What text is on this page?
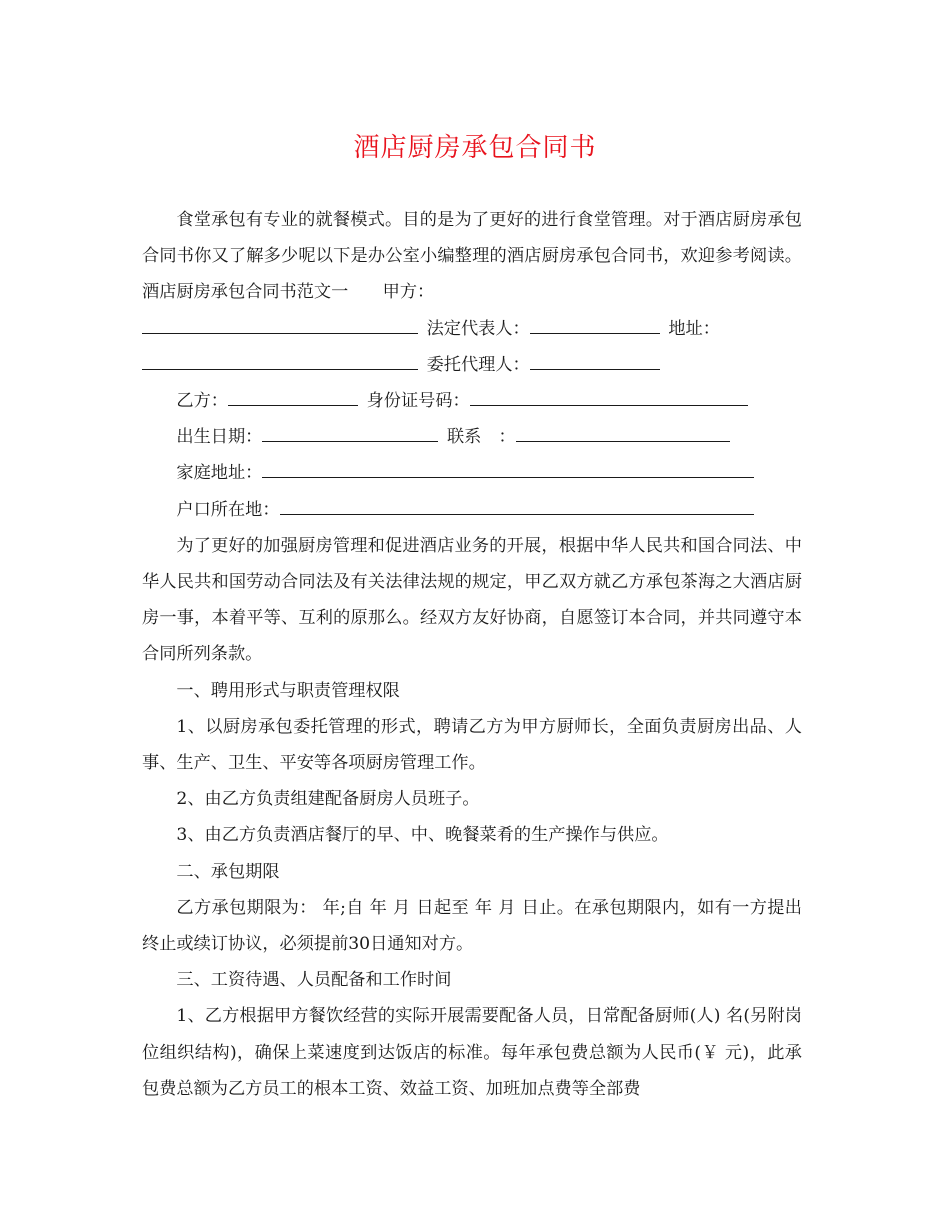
酒店厨房承包合同书

食堂承包有专业的就餐模式。目的是为了更好的进行食堂管理。对于酒店厨房承包合同书你又了解多少呢以下是办公室小编整理的酒店厨房承包合同书，欢迎参考阅读。 酒店厨房承包合同书范文一　　甲方：

法定代表人：	地址：
委托代理人：
乙方：	身份证号码：
出生日期：	联系　：
家庭地址：
户口所在地：

为了更好的加强厨房管理和促进酒店业务的开展，根据中华人民共和国合同法、中华人民共和国劳动合同法及有关法律法规的规定，甲乙双方就乙方承包茶海之大酒店厨房一事，本着平等、互利的原那么。经双方友好协商，自愿签订本合同，并共同遵守本合同所列条款。

一、聘用形式与职责管理权限

1、以厨房承包委托管理的形式，聘请乙方为甲方厨师长，全面负责厨房出品、人事、生产、卫生、平安等各项厨房管理工作。

2、由乙方负责组建配备厨房人员班子。

3、由乙方负责酒店餐厅的早、中、晚餐菜肴的生产操作与供应。

二、承包期限

乙方承包期限为： 年;自 年 月 日起至 年 月 日止。在承包期限内，如有一方提出终止或续订协议，必须提前30日通知对方。

三、工资待遇、人员配备和工作时间

1、乙方根据甲方餐饮经营的实际开展需要配备人员，日常配备厨师(人) 名(另附岗位组织结构)，确保上菜速度到达饭店的标准。每年承包费总额为人民币(￥ 元)，此承包费总额为乙方员工的根本工资、效益工资、加班加点费等全部费
